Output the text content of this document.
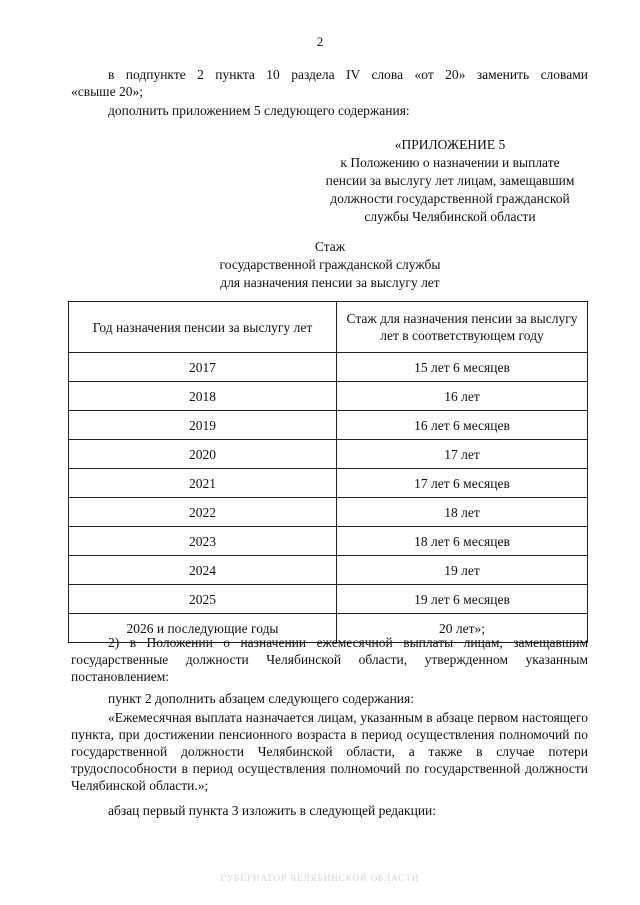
2
в подпункте 2 пункта 10 раздела IV слова «от 20» заменить словами
«свыше 20»;
дополнить приложением 5 следующего содержания:
«ПРИЛОЖЕНИЕ 5
к Положению о назначении и выплате
пенсии за выслугу лет лицам, замещавшим
должности государственной гражданской
службы Челябинской области
Стаж
государственной гражданской службы
для назначения пенсии за выслугу лет
Год назначения пенсии за выслугу лет	Стаж для назначения пенсии за выслугу лет в соответствующем году
2017	15 лет 6 месяцев
2018	16 лет
2019	16 лет 6 месяцев
2020	17 лет
2021	17 лет 6 месяцев
2022	18 лет
2023	18 лет 6 месяцев
2024	19 лет
2025	19 лет 6 месяцев
2026 и последующие годы	20 лет»;
2) в Положении о назначении ежемесячной выплаты лицам, замещавшим государственные должности Челябинской области, утвержденном указанным постановлением:
пункт 2 дополнить абзацем следующего содержания:
«Ежемесячная выплата назначается лицам, указанным в абзаце первом настоящего пункта, при достижении пенсионного возраста в период осуществления полномочий по государственной должности Челябинской области, а также в случае потери трудоспособности в период осуществления полномочий по государственной должности Челябинской области.»;
абзац первый пункта 3 изложить в следующей редакции:
ГУБЕРНАТОР ЧЕЛЯБИНСКОЙ ОБЛАСТИ
